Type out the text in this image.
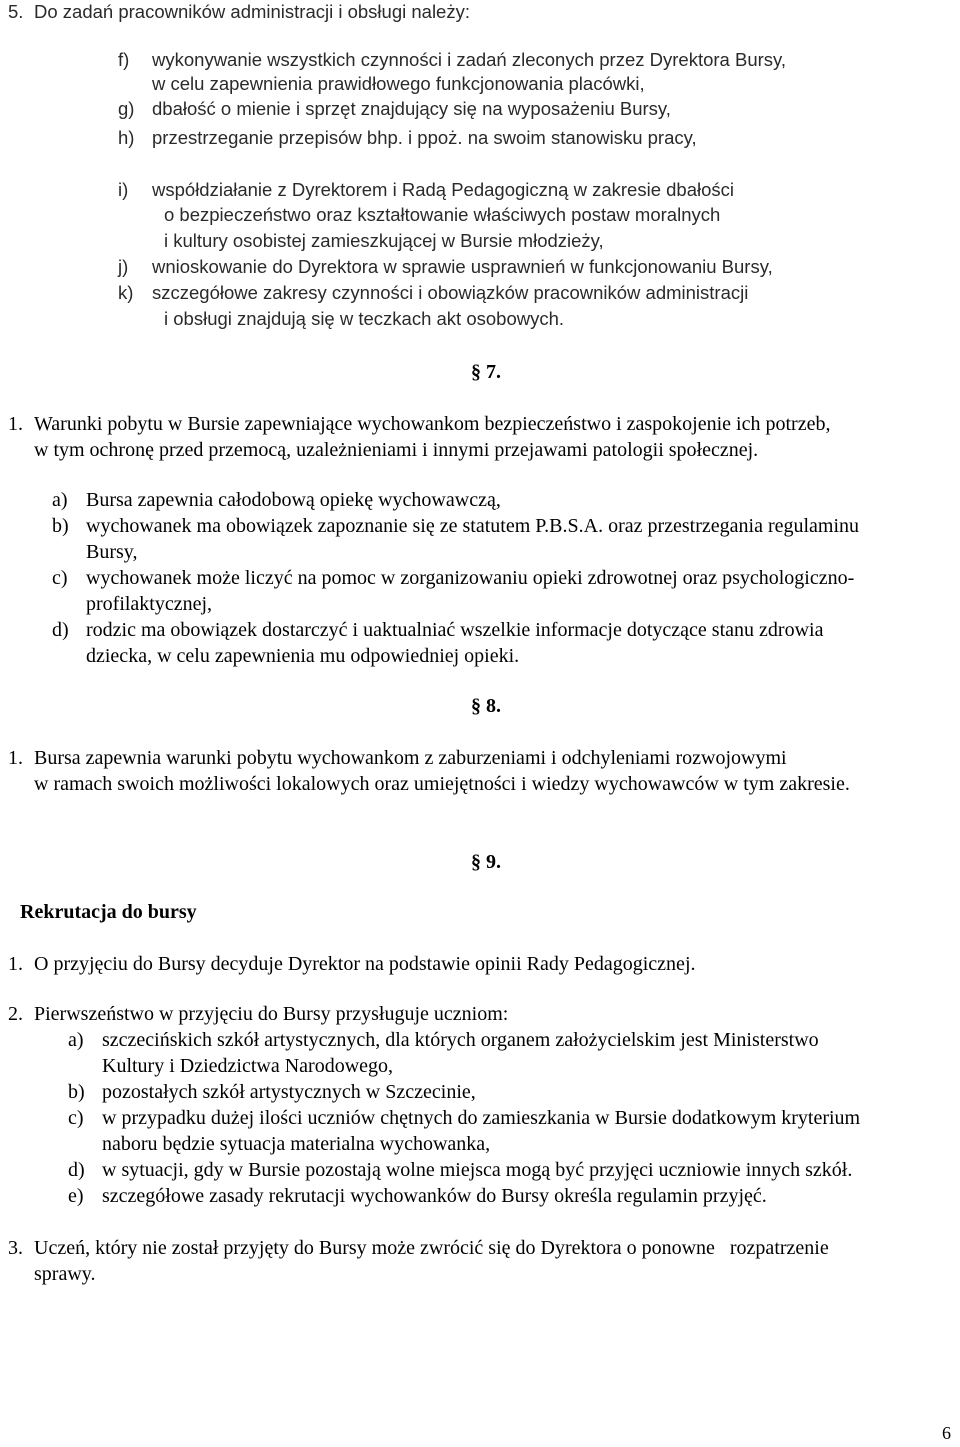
5. Do zadań pracowników administracji i obsługi należy:
f) wykonywanie wszystkich czynności i zadań zleconych przez Dyrektora Bursy,
w celu zapewnienia prawidłowego funkcjonowania placówki,
g) dbałość o mienie i sprzęt znajdujący się na wyposażeniu Bursy,
h) przestrzeganie przepisów bhp. i ppoż. na swoim stanowisku pracy,
i) współdziałanie z Dyrektorem i Radą Pedagogiczną w zakresie dbałości
o bezpieczeństwo oraz kształtowanie właściwych postaw moralnych
i kultury osobistej zamieszkującej w Bursie młodzieży,
j) wnioskowanie do Dyrektora w sprawie usprawnień w funkcjonowaniu Bursy,
k) szczegółowe zakresy czynności i obowiązków pracowników administracji
i obsługi znajdują się w teczkach akt osobowych.
§ 7.
1. Warunki pobytu w Bursie zapewniające wychowankom bezpieczeństwo i zaspokojenie ich potrzeb,
w tym ochronę przed przemocą, uzależnieniami i innymi przejawami patologii społecznej.
a) Bursa zapewnia całodobową opiekę wychowawczą,
b) wychowanek ma obowiązek zapoznanie się ze statutem P.B.S.A. oraz przestrzegania regulaminu
Bursy,
c) wychowanek może liczyć na pomoc w zorganizowaniu opieki zdrowotnej oraz psychologiczno-
profilaktycznej,
d) rodzic ma obowiązek dostarczyć i uaktualniać wszelkie informacje dotyczące stanu zdrowia
dziecka, w celu zapewnienia mu odpowiedniej opieki.
§ 8.
1. Bursa zapewnia warunki pobytu wychowankom z zaburzeniami i odchyleniami rozwojowymi
w ramach swoich możliwości lokalowych oraz umiejętności i wiedzy wychowawców w tym zakresie.
§ 9.
Rekrutacja do bursy
1. O przyjęciu do Bursy decyduje Dyrektor na podstawie opinii Rady Pedagogicznej.
2. Pierwszeństwo w przyjęciu do Bursy przysługuje uczniom:
a) szczecińskich szkół artystycznych, dla których organem założycielskim jest Ministerstwo
Kultury i Dziedzictwa Narodowego,
b) pozostałych szkół artystycznych w Szczecinie,
c) w przypadku dużej ilości uczniów chętnych do zamieszkania w Bursie dodatkowym kryterium
naboru będzie sytuacja materialna wychowanka,
d) w sytuacji, gdy w Bursie pozostają wolne miejsca mogą być przyjęci uczniowie innych szkół.
e) szczegółowe zasady rekrutacji wychowanków do Bursy określa regulamin przyjęć.
3. Uczeń, który nie został przyjęty do Bursy może zwrócić się do Dyrektora o ponowne   rozpatrzenie
sprawy.
6
